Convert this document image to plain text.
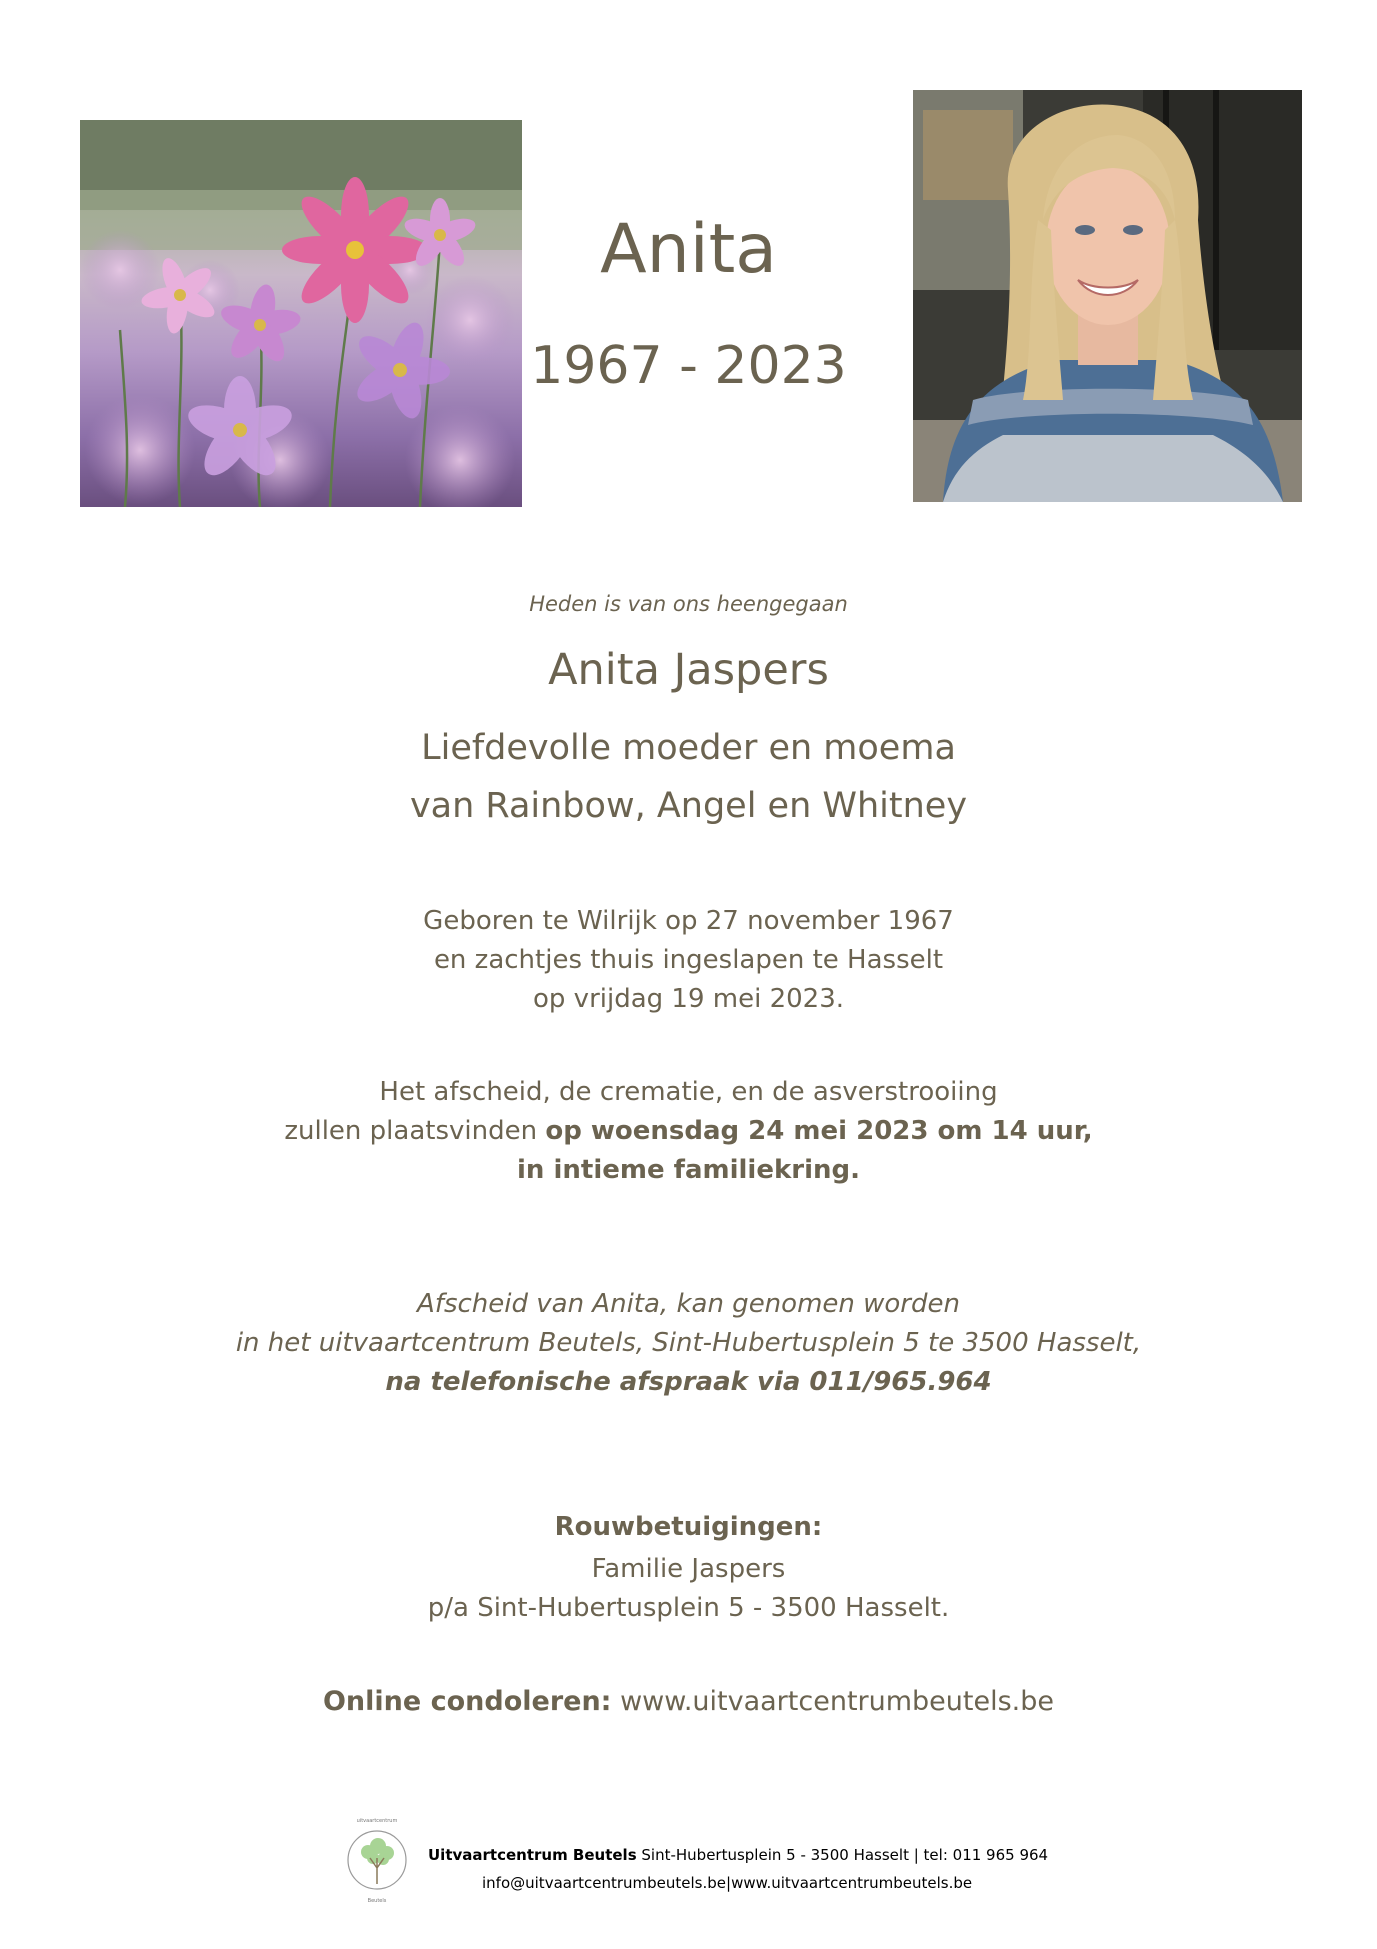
Anita
1967 - 2023
Heden is van ons heengegaan
Anita Jaspers
Liefdevolle moeder en moema
van Rainbow, Angel en Whitney
Geboren te Wilrijk op 27 november 1967
en zachtjes thuis ingeslapen te Hasselt
op vrijdag 19 mei 2023.
Het afscheid, de crematie, en de asverstrooiing
zullen plaatsvinden op woensdag 24 mei 2023 om 14 uur,
in intieme familiekring.
Afscheid van Anita, kan genomen worden
in het uitvaartcentrum Beutels, Sint-Hubertusplein 5 te 3500 Hasselt,
na telefonische afspraak via 011/965.964
Rouwbetuigingen:
Familie Jaspers
p/a Sint-Hubertusplein 5 - 3500 Hasselt.
Online condoleren: www.uitvaartcentrumbeutels.be
uitvaartcentrum
Beutels
Uitvaartcentrum Beutels Sint-Hubertusplein 5 - 3500 Hasselt | tel: 011 965 964
info@uitvaartcentrumbeutels.be|www.uitvaartcentrumbeutels.be
